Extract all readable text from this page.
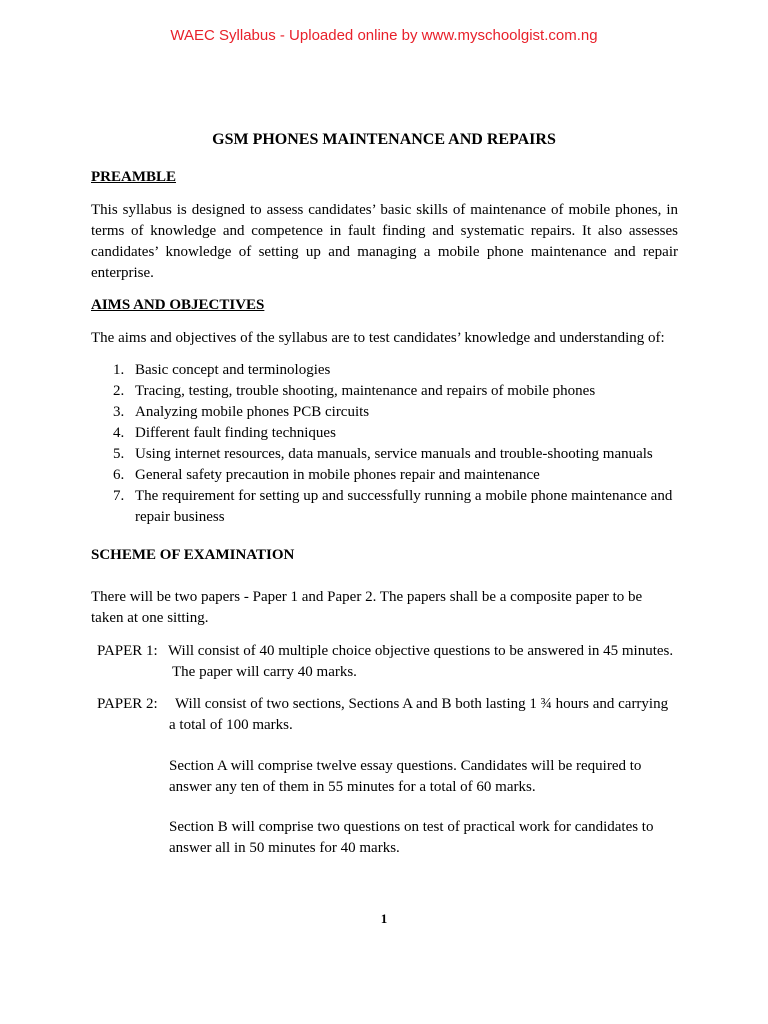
WAEC Syllabus - Uploaded online by www.myschoolgist.com.ng
GSM PHONES MAINTENANCE AND REPAIRS
PREAMBLE
This syllabus is designed to assess candidates’ basic skills of maintenance of mobile phones, in terms of knowledge and competence in fault finding and systematic repairs. It also assesses candidates’ knowledge of setting up and managing a mobile phone maintenance and repair enterprise.
AIMS AND OBJECTIVES
The aims and objectives of the syllabus are to test candidates’ knowledge and understanding of:
1. Basic concept and terminologies
2. Tracing, testing, trouble shooting, maintenance and repairs of mobile phones
3. Analyzing mobile phones PCB circuits
4. Different fault finding techniques
5. Using internet resources, data manuals, service manuals and trouble-shooting manuals
6. General safety precaution in mobile phones repair and maintenance
7. The requirement for setting up and successfully running a mobile phone maintenance and repair business
SCHEME OF EXAMINATION
There will be two papers - Paper 1 and Paper 2. The papers shall be a composite paper to be taken at one sitting.
PAPER 1: Will consist of 40 multiple choice objective questions to be answered in 45 minutes.
The paper will carry 40 marks.
PAPER 2: Will consist of two sections, Sections A and B both lasting 1 ¾ hours and carrying
a total of 100 marks.
Section A will comprise twelve essay questions. Candidates will be required to answer any ten of them in 55 minutes for a total of 60 marks.
Section B will comprise two questions on test of practical work for candidates to answer all in 50 minutes for 40 marks.
1
